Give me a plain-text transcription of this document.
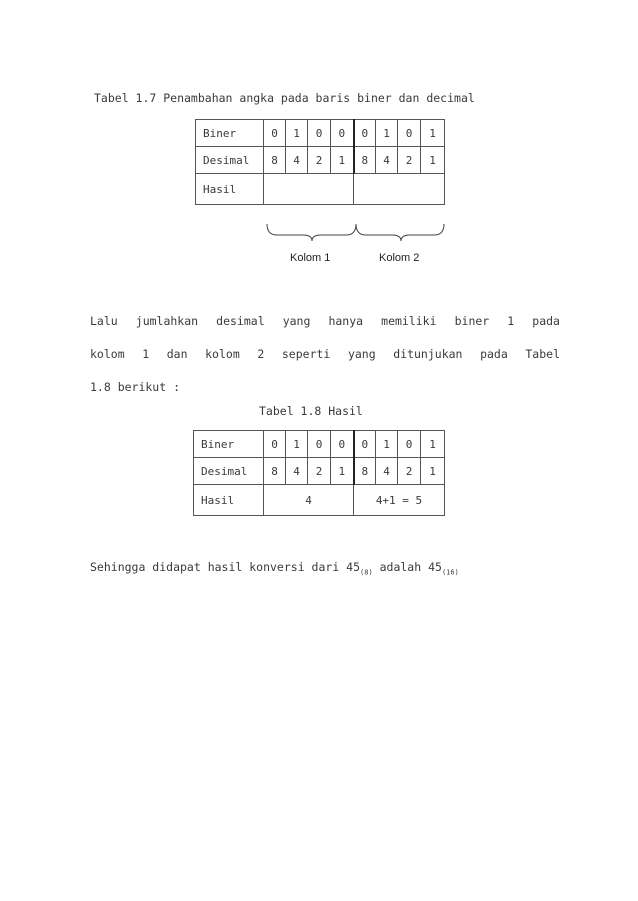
Tabel 1.7 Penambahan angka pada baris biner dan decimal
Biner	0	1	0	0	0	1	0	1
Desimal	8	4	2	1	8	4	2	1
Hasil								
Kolom 1	Kolom 2
Lalu jumlahkan desimal yang hanya memiliki biner 1 pada
kolom 1 dan kolom 2 seperti yang ditunjukan pada Tabel
1.8 berikut :
Tabel 1.8 Hasil
Biner	0	1	0	0	0	1	0	1
Desimal	8	4	2	1	8	4	2	1
Hasil	4				4+1 = 5			
Sehingga didapat hasil konversi dari $45_{(8)}$ adalah $45_{(16)}$
